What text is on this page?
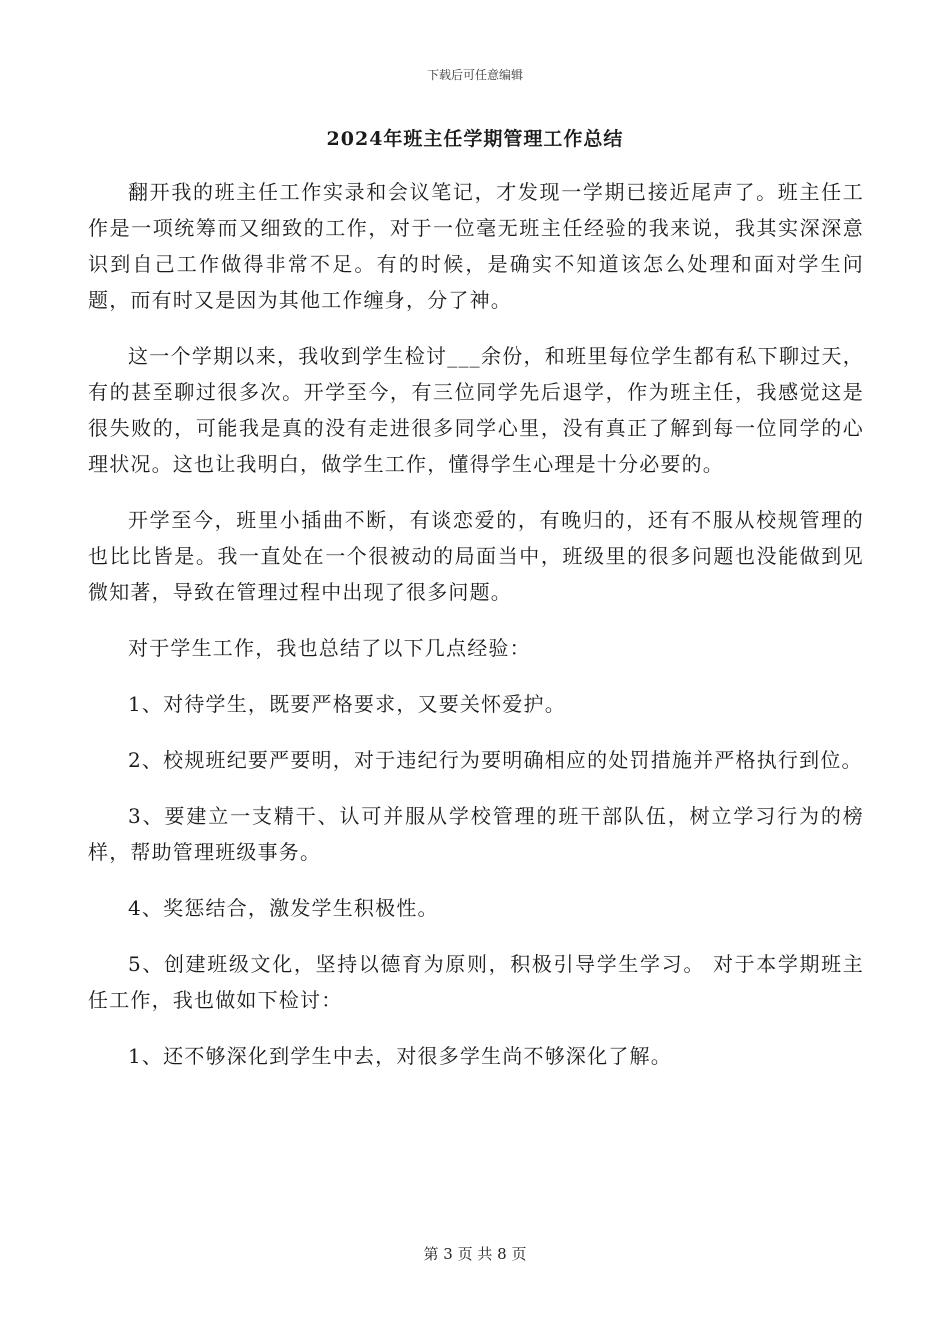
下载后可任意编辑
2024年班主任学期管理工作总结

翻开我的班主任工作实录和会议笔记，才发现一学期已接近尾声了。班主任工作是一项统筹而又细致的工作，对于一位毫无班主任经验的我来说，我其实深深意识到自己工作做得非常不足。有的时候，是确实不知道该怎么处理和面对学生问题，而有时又是因为其他工作缠身，分了神。

这一个学期以来，我收到学生检讨___余份，和班里每位学生都有私下聊过天，有的甚至聊过很多次。开学至今，有三位同学先后退学，作为班主任，我感觉这是很失败的，可能我是真的没有走进很多同学心里，没有真正了解到每一位同学的心理状况。这也让我明白，做学生工作，懂得学生心理是十分必要的。

开学至今，班里小插曲不断，有谈恋爱的，有晚归的，还有不服从校规管理的也比比皆是。我一直处在一个很被动的局面当中，班级里的很多问题也没能做到见微知著，导致在管理过程中出现了很多问题。

对于学生工作，我也总结了以下几点经验：

1、对待学生，既要严格要求，又要关怀爱护。

2、校规班纪要严要明，对于违纪行为要明确相应的处罚措施并严格执行到位。

3、要建立一支精干、认可并服从学校管理的班干部队伍，树立学习行为的榜样，帮助管理班级事务。

4、奖惩结合，激发学生积极性。

5、创建班级文化，坚持以德育为原则，积极引导学生学习。 对于本学期班主任工作，我也做如下检讨：

1、还不够深化到学生中去，对很多学生尚不够深化了解。

第 3 页 共 8 页
